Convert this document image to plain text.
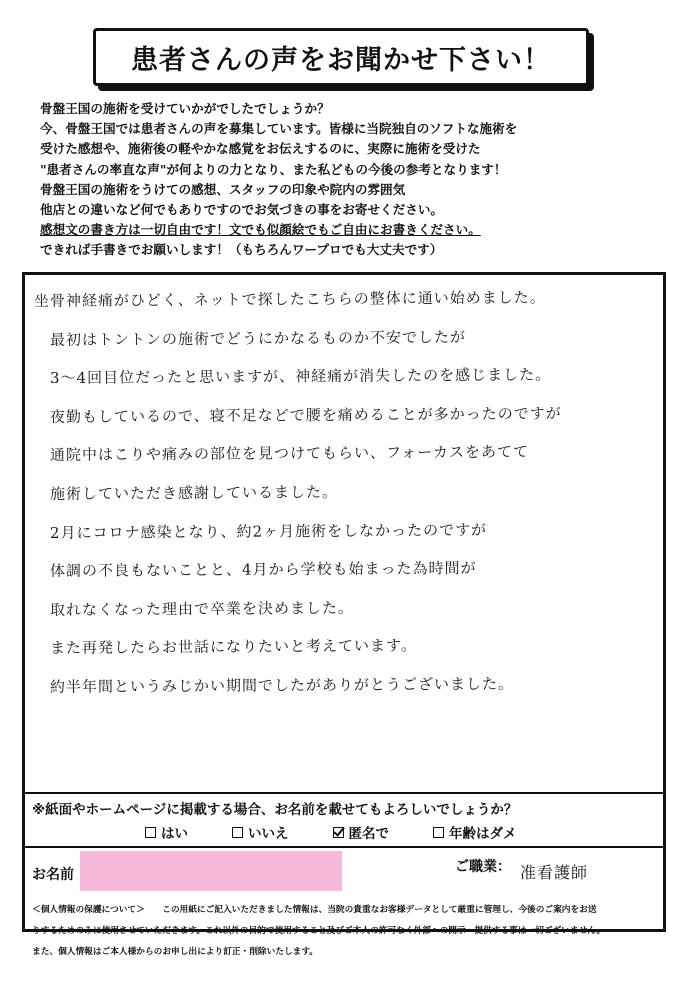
患者さんの声をお聞かせ下さい！
骨盤王国の施術を受けていかがでしたでしょうか？
今、骨盤王国では患者さんの声を募集しています。皆様に当院独自のソフトな施術を
受けた感想や、施術後の軽やかな感覚をお伝えするのに、実際に施術を受けた
"患者さんの率直な声"が何よりの力となり、また私どもの今後の参考となります！
骨盤王国の施術をうけての感想、スタッフの印象や院内の雰囲気
他店との違いなど何でもありですのでお気づきの事をお寄せください。
感想文の書き方は一切自由です！文でも似顔絵でもご自由にお書きください。
できれば手書きでお願いします！（もちろんワープロでも大丈夫です）
坐骨神経痛がひどく、ネットで探したこちらの整体に通い始めました。
最初はトントンの施術でどうにかなるものか不安でしたが
3～4回目位だったと思いますが、神経痛が消失したのを感じました。
夜勤もしているので、寝不足などで腰を痛めることが多かったのですが
通院中はこりや痛みの部位を見つけてもらい、フォーカスをあてて
施術していただき感謝しているました。
2月にコロナ感染となり、約2ヶ月施術をしなかったのですが
体調の不良もないことと、4月から学校も始まった為時間が
取れなくなった理由で卒業を決めました。
また再発したらお世話になりたいと考えています。
約半年間というみじかい期間でしたがありがとうございました。
※紙面やホームページに掲載する場合、お名前を載せてもよろしいでしょうか？
はい	いいえ	匿名で	年齢はダメ
お名前	ご職業： 准看護師
＜個人情報の保護について＞　　この用紙にご記入いただきました情報は、当院の貴重なお客様データとして厳重に管理し、今後のご案内をお送
りするためのみに使用させていただきます。これ以外の目的で使用すること及びご本人の許可なく外部への開示・提供する事は一切ございません。
また、個人情報はご本人様からのお申し出により訂正・削除いたします。
